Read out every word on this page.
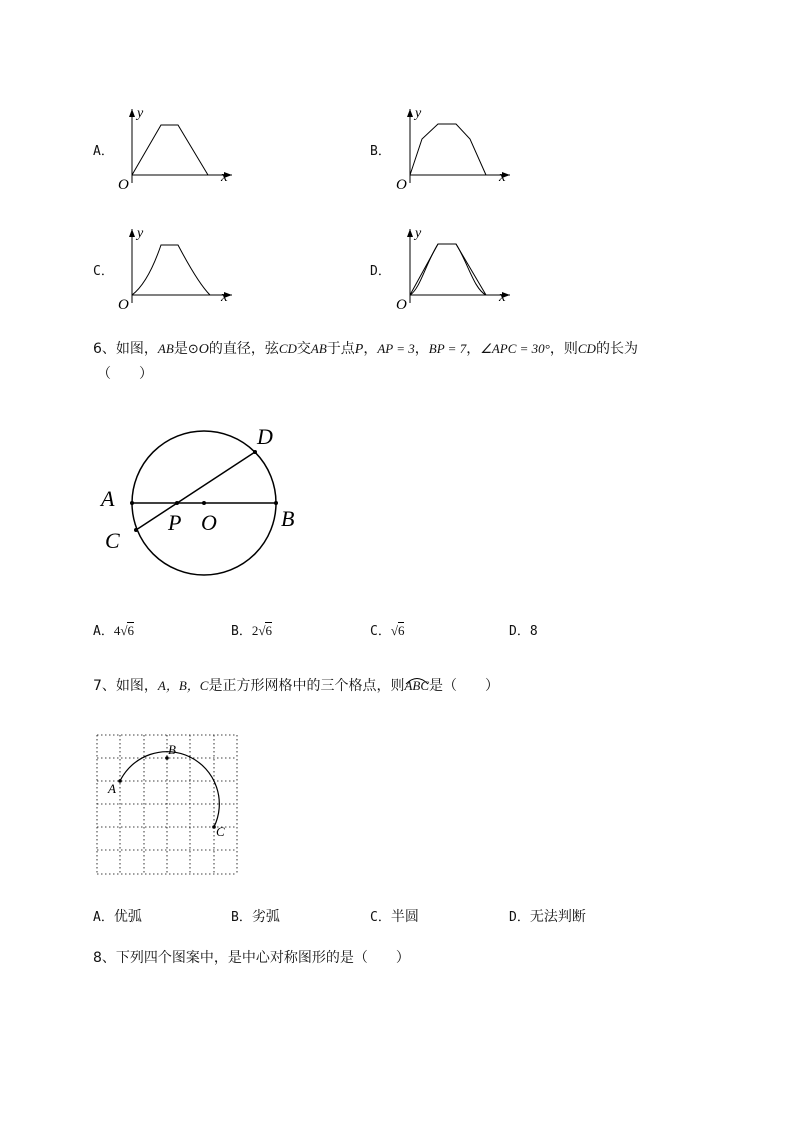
A．
y
x
O
B．
y
x
O
C．
y
x
O
D．
y
x
O
6、如图，AB是⊙O的直径，弦CD交AB于点P，AP = 3，BP = 7，∠APC = 30°，则CD的长为
（　　）
A
B
C
D
P O
A．4√6	B．2√6	C．√6	D．8
7、如图，A，B，C是正方形网格中的三个格点，则
ABC是（　　）
A
B
C
A．优弧	B．劣弧	C．半圆	D．无法判断
8、下列四个图案中，是中心对称图形的是（　　）
